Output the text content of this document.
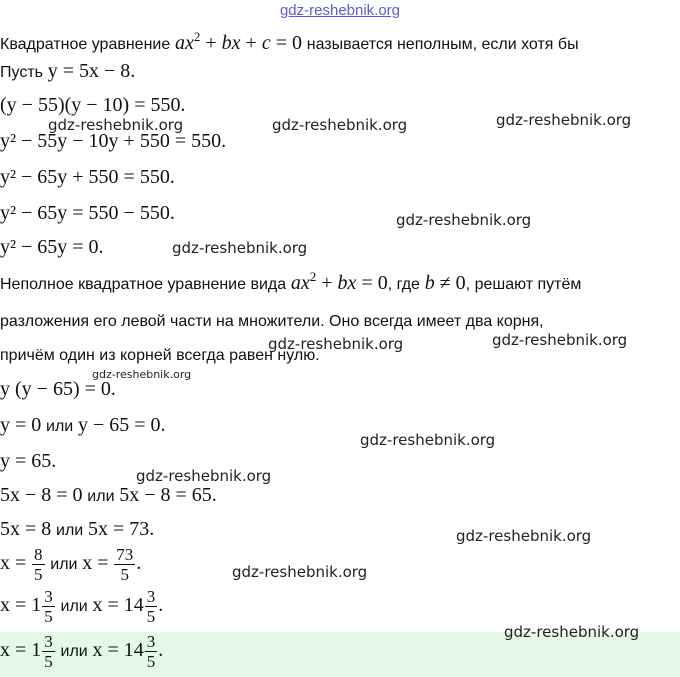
gdz-reshebnik.org
Квадратное уравнение $ax^2$ + bx + c = 0 называется неполным, если хотя бы
Пусть y = 5x − 8.
(y − 55)(y − 10) = 550.
y² − 55y − 10y + 550 = 550.
y² − 65y + 550 = 550.
y² − 65y = 550 − 550.
y² − 65y = 0.
Неполное квадратное уравнение вида $ax^2$ + bx = 0, где b ≠ 0, решают путём
разложения его левой части на множители. Оно всегда имеет два корня,
причём один из корней всегда равен нулю.
y (y − 65) = 0.
y = 0 или y − 65 = 0.
y = 65.
5x − 8 = 0 или 5x − 8 = 65.
5x = 8 или 5x = 73.
$x = \frac{8}{5}$ или $x = \frac{73}{5}$ .
$x = 1 \frac{3}{5}$ или $x = 14 \frac{3}{5}$ .
$x = 1 \frac{3}{5}$ или $x = 14 \frac{3}{5}$ .
gdz-reshebnik.org	gdz-reshebnik.org	gdz-reshebnik.org
gdz-reshebnik.org
gdz-reshebnik.org
gdz-reshebnik.org	gdz-reshebnik.org
gdz-reshebnik.org
gdz-reshebnik.org
gdz-reshebnik.org
gdz-reshebnik.org
gdz-reshebnik.org
gdz-reshebnik.org
